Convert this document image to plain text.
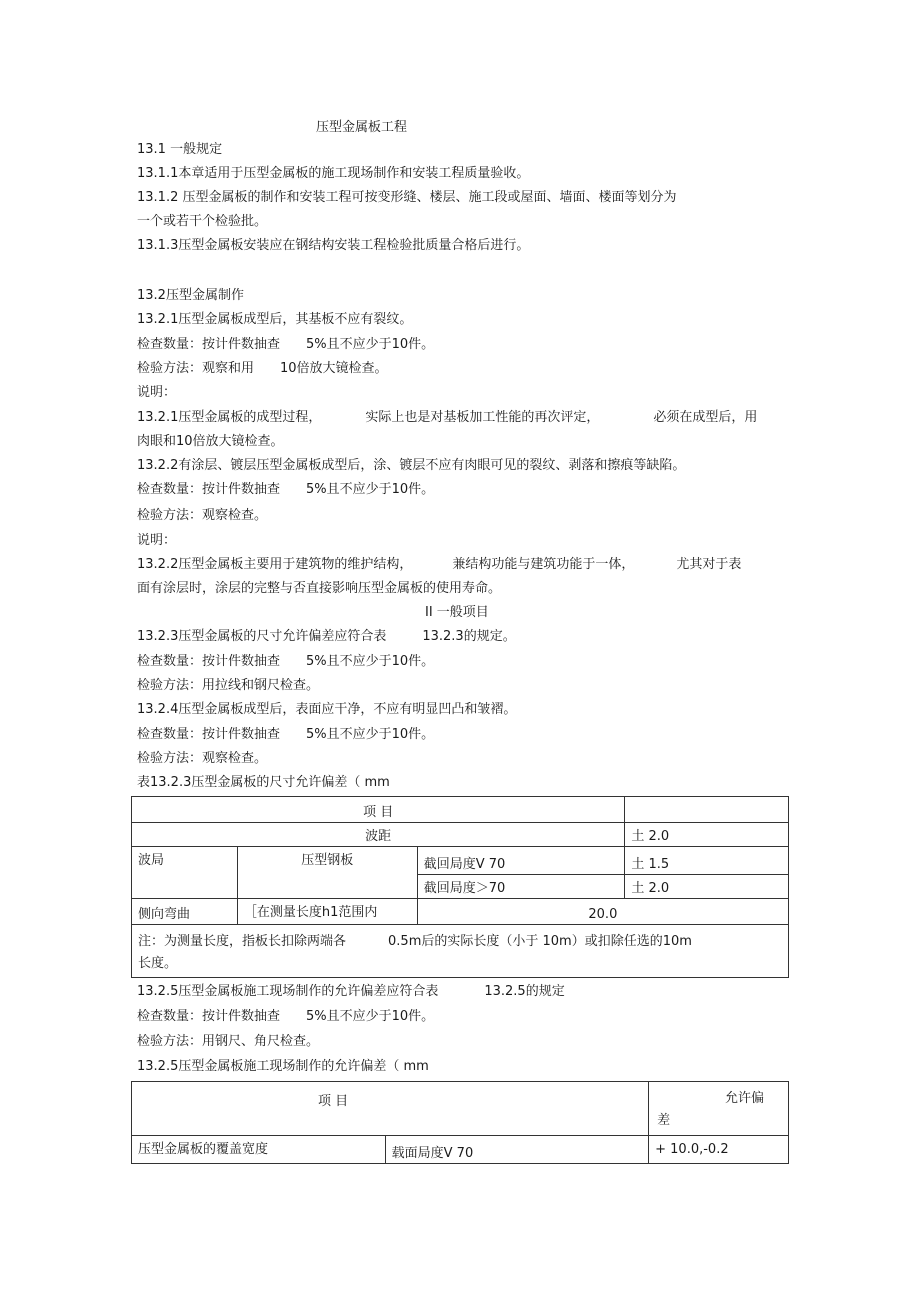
压型金属板工程
13.1 一般规定
13.1.1本章适用于压型金属板的施工现场制作和安装工程质量验收。
13.1.2 压型金属板的制作和安装工程可按变形缝、楼层、施工段或屋面、墙面、楼面等划分为
一个或若干个检验批。
13.1.3压型金属板安装应在钢结构安装工程检验批质量合格后进行。
13.2压型金属制作
13.2.1压型金属板成型后，其基板不应有裂纹。
检查数量：按计件数抽查 5%且不应少于10件。
检验方法：观察和用 10倍放大镜检查。
说明：
13.2.1压型金属板的成型过程，	实际上也是对基板加工性能的再次评定，	必须在成型后，用
肉眼和10倍放大镜检查。
13.2.2有涂层、镀层压型金属板成型后，涂、镀层不应有肉眼可见的裂纹、剥落和擦痕等缺陷。
检查数量：按计件数抽查 5%且不应少于10件。
检验方法：观察检查。
说明：
13.2.2压型金属板主要用于建筑物的维护结构，	兼结构功能与建筑功能于一体，	尤其对于表
面有涂层时，涂层的完整与否直接影响压型金属板的使用寿命。
II 一般项目
13.2.3压型金属板的尺寸允许偏差应符合表	13.2.3的规定。
检查数量：按计件数抽查 5%且不应少于10件。
检验方法：用拉线和钢尺检查。
13.2.4压型金属板成型后，表面应干净，不应有明显凹凸和皱褶。
检查数量：按计件数抽查 5%且不应少于10件。
检验方法：观察检查。
表13.2.3压型金属板的尺寸允许偏差（ mm
项 目			
波距			土 2.0
波局	压型钢板	截回局度V 70	土 1.5
		截回局度＞70	土 2.0
侧向弯曲	［在测量长度h1范围内	20.0	

注：为测量长度，指板长扣除两端各 0.5m后的实际长度（小于 10m）或扣除任选的10m
长度。			
13.2.5压型金属板施工现场制作的允许偏差应符合表	13.2.5的规定
检查数量：按计件数抽查 5%且不应少于10件。
检验方法：用钢尺、角尺检查。
13.2.5压型金属板施工现场制作的允许偏差（ mm
项 目		允许偏
差

压型金属板的覆盖宽度	载面局度V 70	+ 10.0,-0.2
